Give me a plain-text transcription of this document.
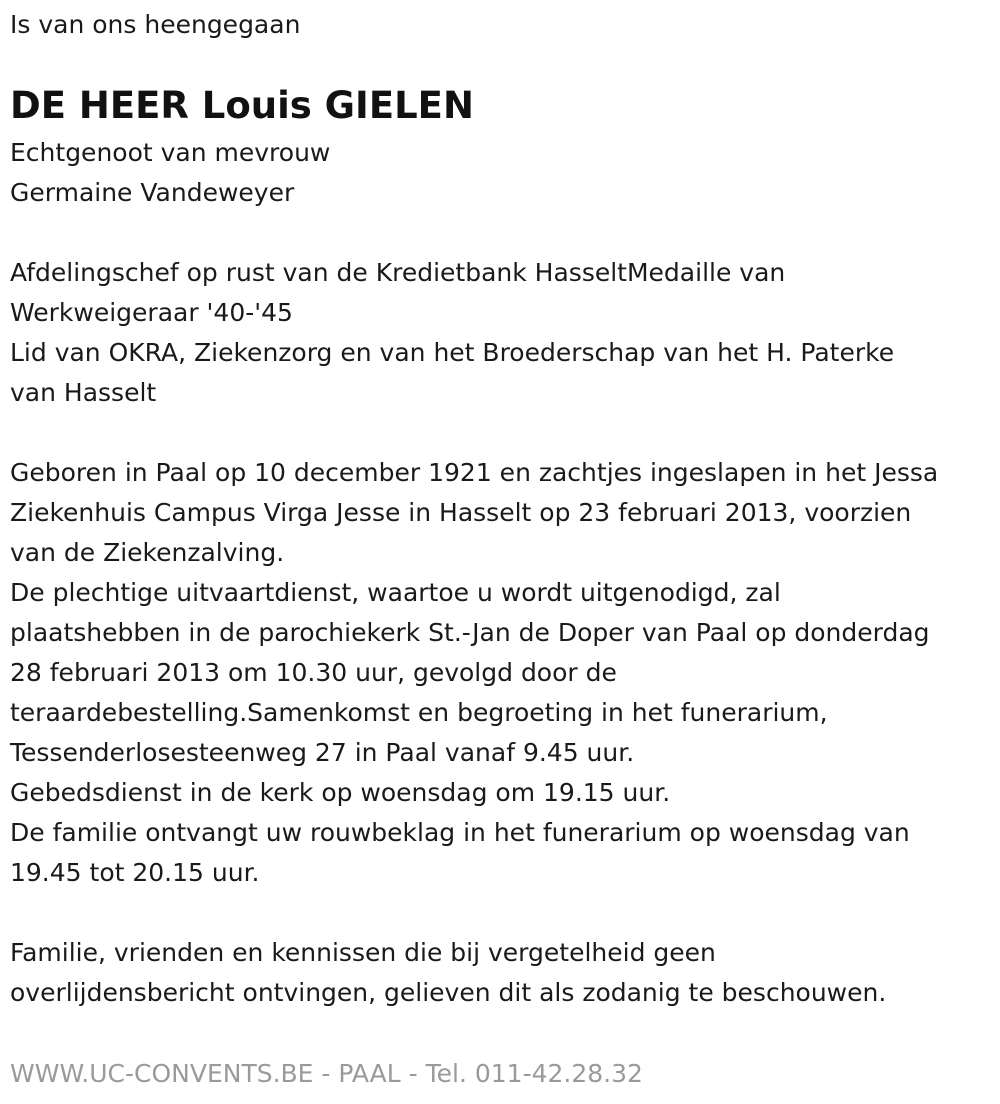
Is van ons heengegaan

DE HEER Louis GIELEN

Echtgenoot van mevrouw

Germaine Vandeweyer

Afdelingschef op rust van de Kredietbank HasseltMedaille van

Werkweigeraar '40-'45

Lid van OKRA, Ziekenzorg en van het Broederschap van het H. Paterke

van Hasselt

Geboren in Paal op 10 december 1921 en zachtjes ingeslapen in het Jessa

Ziekenhuis Campus Virga Jesse in Hasselt op 23 februari 2013, voorzien

van de Ziekenzalving.

De plechtige uitvaartdienst, waartoe u wordt uitgenodigd, zal

plaatshebben in de parochiekerk St.-Jan de Doper van Paal op donderdag

28 februari 2013 om 10.30 uur, gevolgd door de

teraardebestelling.Samenkomst en begroeting in het funerarium,

Tessenderlosesteenweg 27 in Paal vanaf 9.45 uur.

Gebedsdienst in de kerk op woensdag om 19.15 uur.

De familie ontvangt uw rouwbeklag in het funerarium op woensdag van

19.45 tot 20.15 uur.

Familie, vrienden en kennissen die bij vergetelheid geen

overlijdensbericht ontvingen, gelieven dit als zodanig te beschouwen.

WWW.UC-CONVENTS.BE - PAAL - Tel. 011-42.28.32
